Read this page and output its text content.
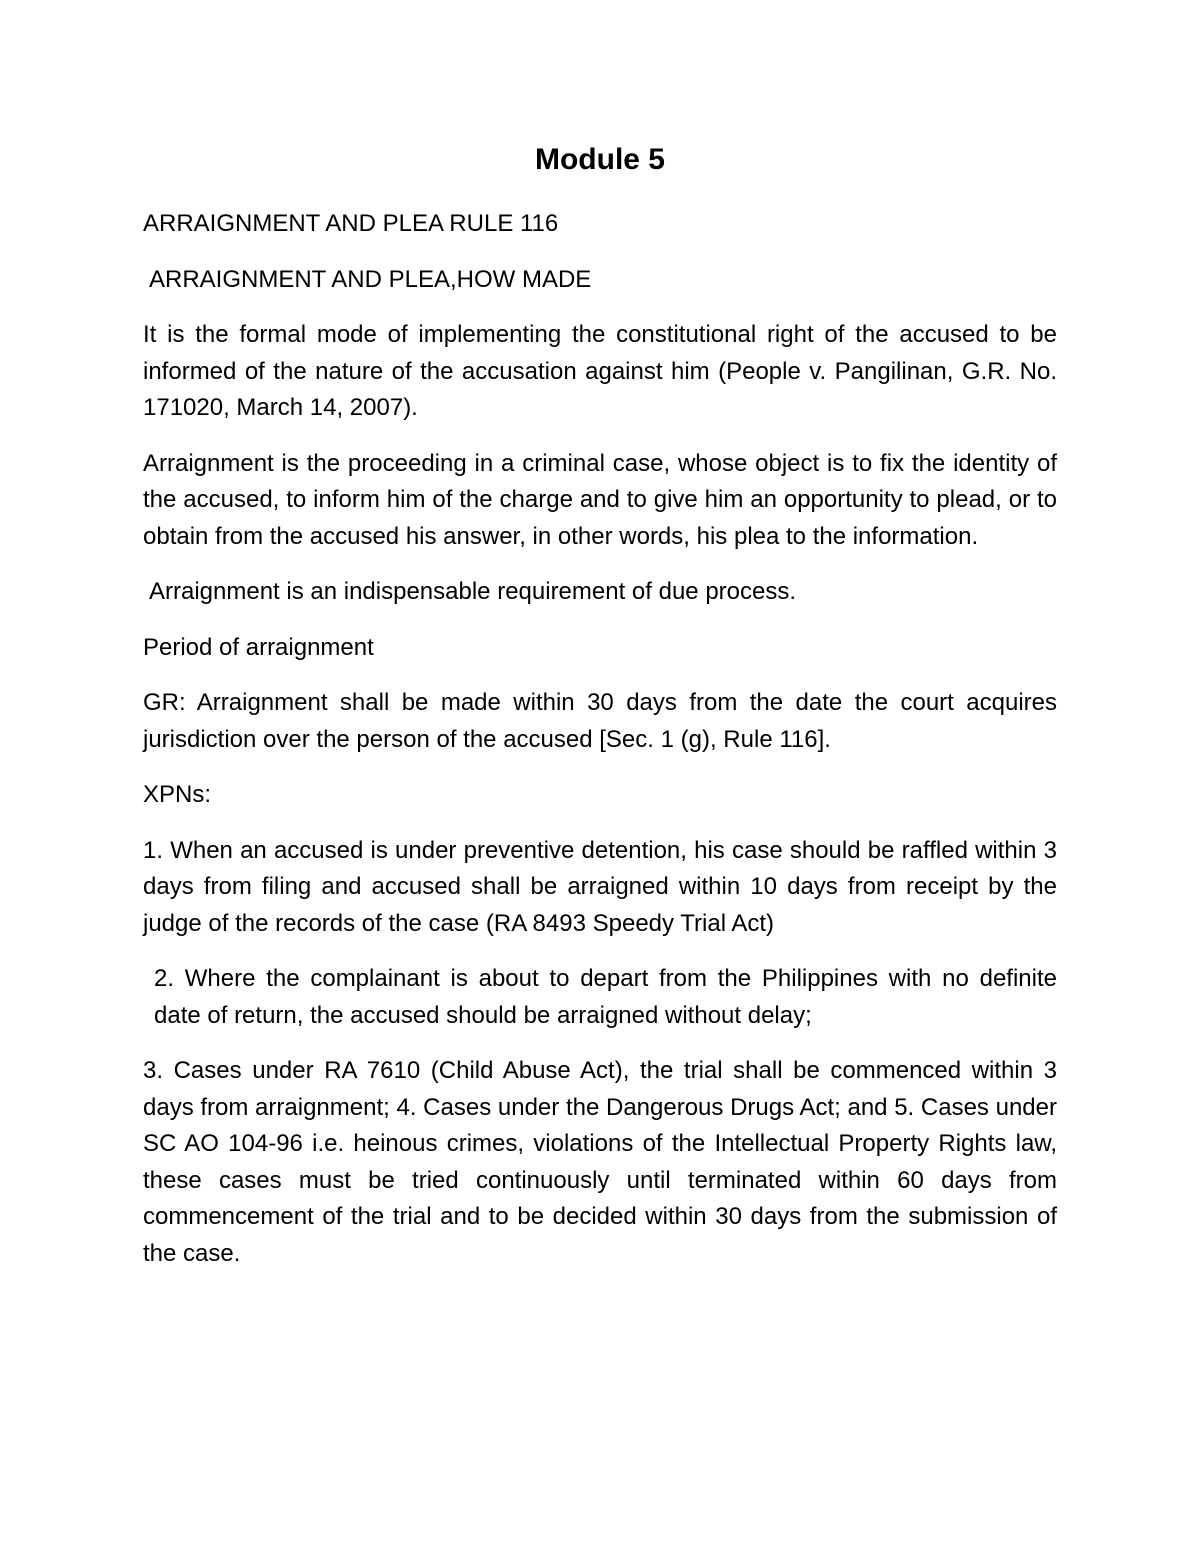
Module 5

ARRAIGNMENT AND PLEA RULE 116

ARRAIGNMENT AND PLEA,HOW MADE

It is the formal mode of implementing the constitutional right of the accused to be informed of the nature of the accusation against him (People v. Pangilinan, G.R. No. 171020, March 14, 2007).

Arraignment is the proceeding in a criminal case, whose object is to fix the identity of the accused, to inform him of the charge and to give him an opportunity to plead, or to obtain from the accused his answer, in other words, his plea to the information.

Arraignment is an indispensable requirement of due process.

Period of arraignment

GR: Arraignment shall be made within 30 days from the date the court acquires jurisdiction over the person of the accused [Sec. 1 (g), Rule 116].

XPNs:

1. When an accused is under preventive detention, his case should be raffled within 3 days from filing and accused shall be arraigned within 10 days from receipt by the judge of the records of the case (RA 8493 Speedy Trial Act)

2. Where the complainant is about to depart from the Philippines with no definite date of return, the accused should be arraigned without delay;

3. Cases under RA 7610 (Child Abuse Act), the trial shall be commenced within 3 days from arraignment; 4. Cases under the Dangerous Drugs Act; and 5. Cases under SC AO 104-96 i.e. heinous crimes, violations of the Intellectual Property Rights law, these cases must be tried continuously until terminated within 60 days from commencement of the trial and to be decided within 30 days from the submission of the case.
